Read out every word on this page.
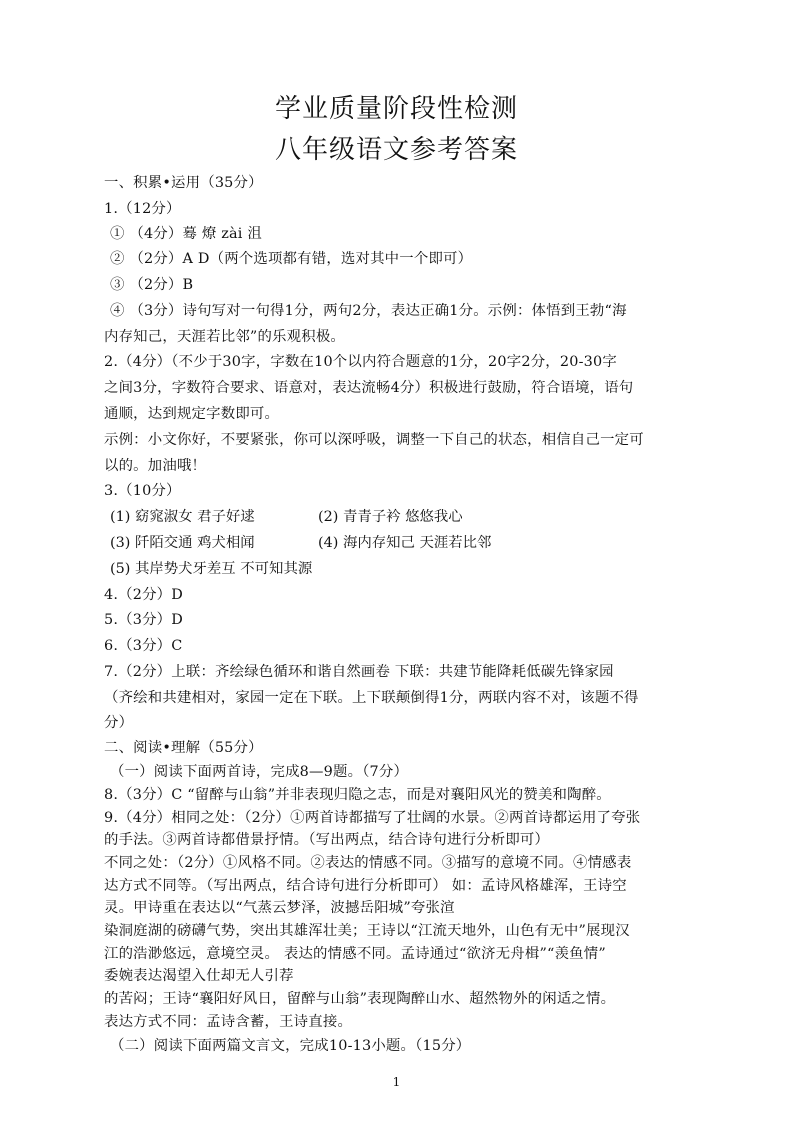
学业质量阶段性检测
八年级语文参考答案
一、积累•运用（35分）
1.（12分）
① （4分）蓦 燎 zài 沮
② （2分）A D（两个选项都有错，选对其中一个即可）
③ （2分）B
④ （3分）诗句写对一句得1分，两句2分，表达正确1分。示例：体悟到王勃“海
内存知己，天涯若比邻”的乐观积极。
2.（4分）（不少于30字，字数在10个以内符合题意的1分，20字2分，20-30字
之间3分，字数符合要求、语意对，表达流畅4分）积极进行鼓励，符合语境，语句
通顺，达到规定字数即可。
示例：小文你好，不要紧张，你可以深呼吸，调整一下自己的状态，相信自己一定可
以的。加油哦！
3.（10分）
(1) 窈窕淑女 君子好逑	(2) 青青子衿 悠悠我心
(3) 阡陌交通 鸡犬相闻	(4) 海内存知己 天涯若比邻
(5) 其岸势犬牙差互 不可知其源
4.（2分）D
5.（3分）D
6.（3分）C
7.（2分）上联：齐绘绿色循环和谐自然画卷 下联：共建节能降耗低碳先锋家园
（齐绘和共建相对，家园一定在下联。上下联颠倒得1分，两联内容不对，该题不得
分）
二、阅读•理解（55分）
（一）阅读下面两首诗，完成8—9题。（7分）
8.（3分）C “留醉与山翁”并非表现归隐之志，而是对襄阳风光的赞美和陶醉。
9.（4分）相同之处：（2分）①两首诗都描写了壮阔的水景。②两首诗都运用了夸张
的手法。③两首诗都借景抒情。（写出两点，结合诗句进行分析即可）
不同之处：（2分）①风格不同。②表达的情感不同。③描写的意境不同。④情感表
达方式不同等。（写出两点，结合诗句进行分析即可） 如：孟诗风格雄浑，王诗空
灵。甲诗重在表达以“气蒸云梦泽，波撼岳阳城”夸张渲
染洞庭湖的磅礴气势，突出其雄浑壮美；王诗以“江流天地外，山色有无中”展现汉
江的浩渺悠远，意境空灵。 表达的情感不同。孟诗通过“欲济无舟楫”“羡鱼情”
委婉表达渴望入仕却无人引荐
的苦闷；王诗“襄阳好风日，留醉与山翁”表现陶醉山水、超然物外的闲适之情。
表达方式不同：孟诗含蓄，王诗直接。
（二）阅读下面两篇文言文，完成10-13小题。（15分）
1
